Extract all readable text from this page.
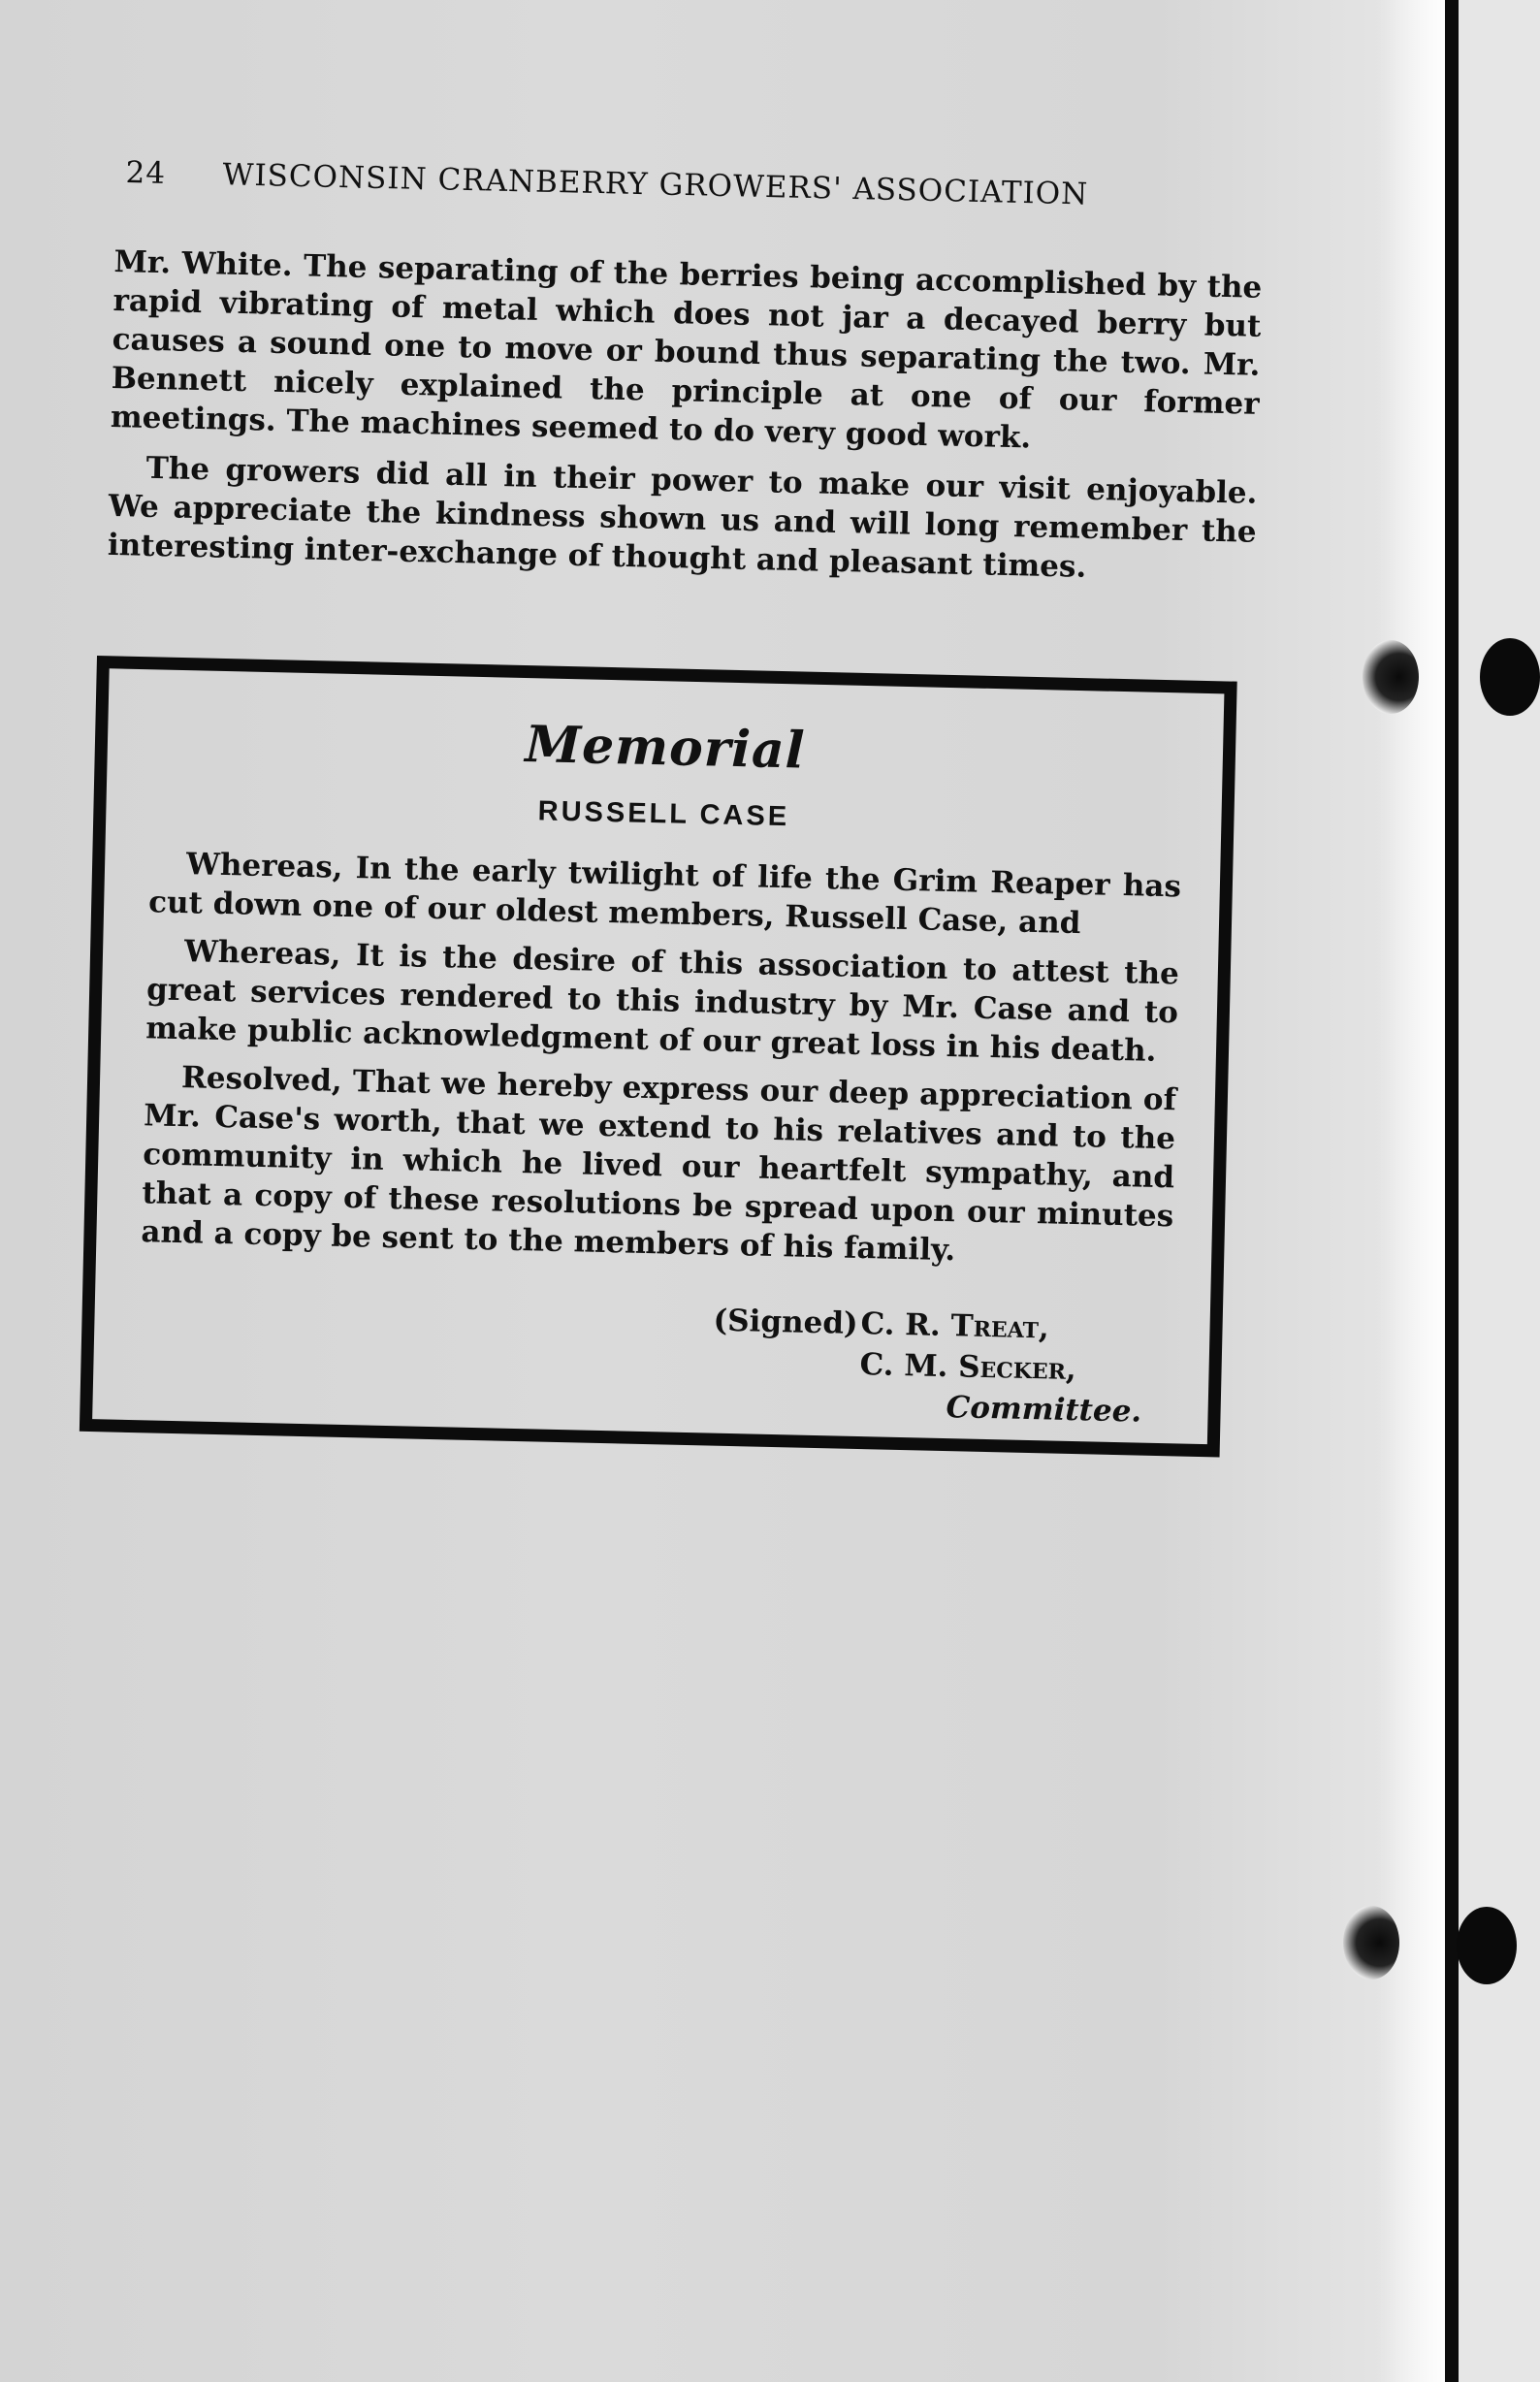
24	WISCONSIN CRANBERRY GROWERS' ASSOCIATION

Mr. White. The separating of the berries being accomplished by the rapid vibrating of metal which does not jar a decayed berry but causes a sound one to move or bound thus separating the two. Mr. Bennett nicely explained the principle at one of our former meetings. The machines seemed to do very good work.

The growers did all in their power to make our visit enjoyable. We appreciate the kindness shown us and will long remember the interesting inter-exchange of thought and pleasant times.

Memorial
RUSSELL CASE

Whereas, In the early twilight of life the Grim Reaper has cut down one of our oldest members, Russell Case, and

Whereas, It is the desire of this association to attest the great services rendered to this industry by Mr. Case and to make public acknowledgment of our great loss in his death.

Resolved, That we hereby express our deep appreciation of Mr. Case's worth, that we extend to his relatives and to the community in which he lived our heartfelt sympathy, and that a copy of these resolutions be spread upon our minutes and a copy be sent to the members of his family.

(Signed) C. R. Treat,
C. M. Secker,
Committee.
